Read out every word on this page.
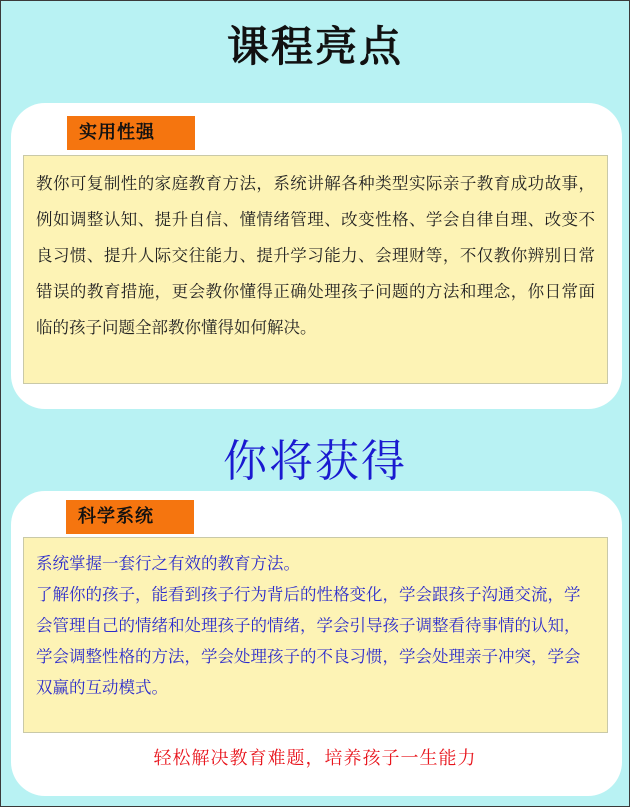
课程亮点
实用性强

教你可复制性的家庭教育方法，系统讲解各种类型实际亲子教育成功故事，例如调整认知、提升自信、懂情绪管理、改变性格、学会自律自理、改变不良习惯、提升人际交往能力、提升学习能力、会理财等，不仅教你辨别日常错误的教育措施，更会教你懂得正确处理孩子问题的方法和理念，你日常面临的孩子问题全部教你懂得如何解决。

你将获得
科学系统

系统掌握一套行之有效的教育方法。

了解你的孩子，能看到孩子行为背后的性格变化，学会跟孩子沟通交流，学会管理自己的情绪和处理孩子的情绪，学会引导孩子调整看待事情的认知，学会调整性格的方法，学会处理孩子的不良习惯，学会处理亲子冲突，学会双赢的互动模式。

轻松解决教育难题，培养孩子一生能力
